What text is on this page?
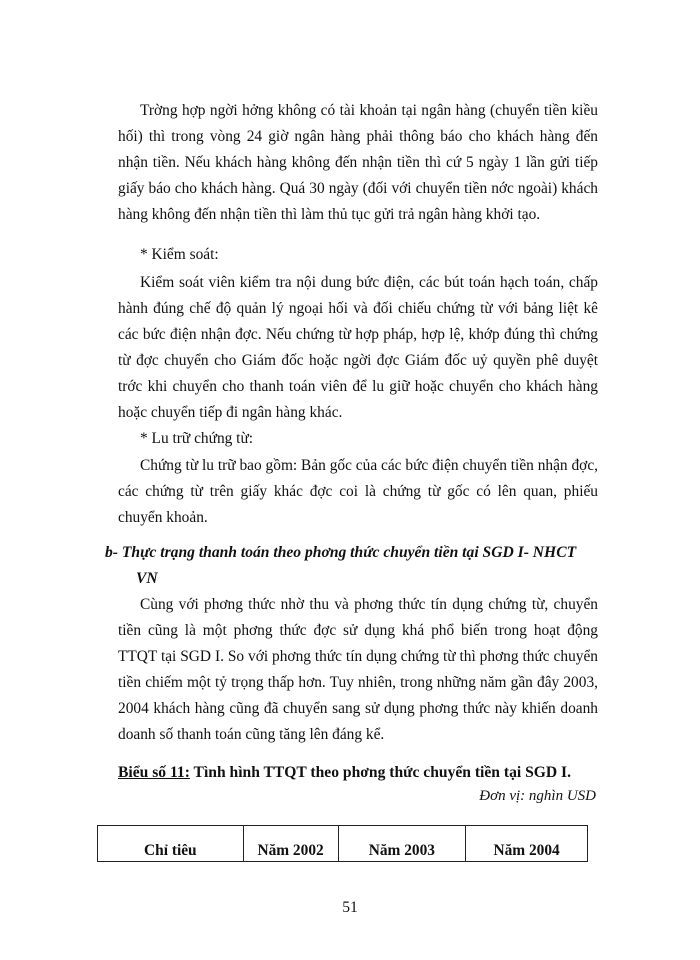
Trờng hợp ngời hởng không có tài khoản tại ngân hàng (chuyển tiền kiều hối) thì trong vòng 24 giờ ngân hàng phải thông báo cho khách hàng đến nhận tiền. Nếu khách hàng không đến nhận tiền thì cứ 5 ngày 1 lần gửi tiếp giấy báo cho khách hàng. Quá 30 ngày (đối với chuyển tiền nớc ngoài) khách hàng không đến nhận tiền thì làm thủ tục gửi trả ngân hàng khởi tạo.
* Kiểm soát:
Kiểm soát viên kiểm tra nội dung bức điện, các bút toán hạch toán, chấp hành đúng chế độ quản lý ngoại hối và đối chiếu chứng từ với bảng liệt kê các bức điện nhận đợc. Nếu chứng từ hợp pháp, hợp lệ, khớp đúng thì chứng từ đợc chuyển cho Giám đốc hoặc ngời đợc Giám đốc uỷ quyền phê duyệt trớc khi chuyển cho thanh toán viên để lu giữ hoặc chuyển cho khách hàng hoặc chuyển tiếp đi ngân hàng khác.
* Lu trữ chứng từ:
Chứng từ lu trữ bao gồm: Bản gốc của các bức điện chuyển tiền nhận đợc, các chứng từ trên giấy khác đợc coi là chứng từ gốc có lên quan, phiếu chuyển khoản.
b- Thực trạng thanh toán theo phơng thức chuyển tiền tại SGD I- NHCT
VN
Cùng với phơng thức nhờ thu và phơng thức tín dụng chứng từ, chuyển tiền cũng là một phơng thức đợc sử dụng khá phổ biến trong hoạt động TTQT tại SGD I. So với phơng thức tín dụng chứng từ thì phơng thức chuyển tiền chiếm một tỷ trọng thấp hơn. Tuy nhiên, trong những năm gần đây 2003, 2004 khách hàng cũng đã chuyển sang sử dụng phơng thức này khiến doanh doanh số thanh toán cũng tăng lên đáng kể.
Biểu số 11: Tình hình TTQT theo phơng thức chuyển tiền tại SGD I.
Đơn vị: nghìn USD
Chỉ tiêu	Năm 2002	Năm 2003	Năm 2004
51
